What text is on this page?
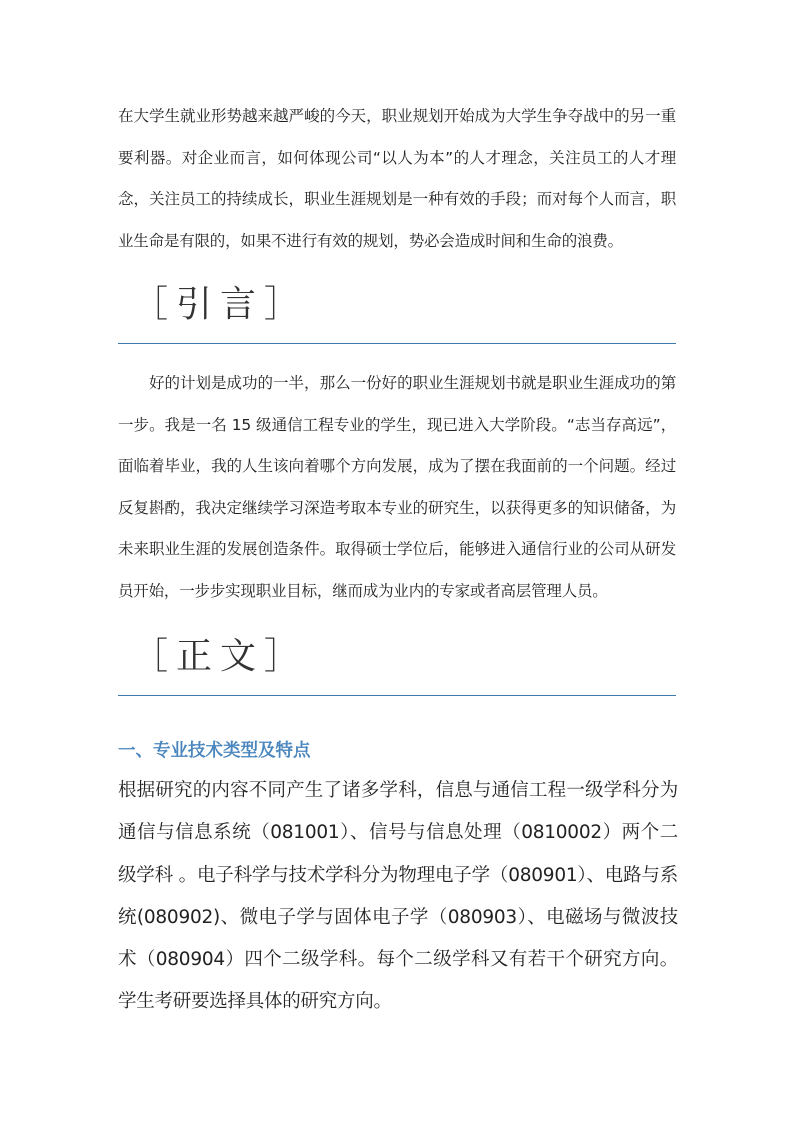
在大学生就业形势越来越严峻的今天，职业规划开始成为大学生争夺战中的另一重要利器。对企业而言，如何体现公司“以人为本”的人才理念，关注员工的人才理念，关注员工的持续成长，职业生涯规划是一种有效的手段；而对每个人而言，职业生命是有限的，如果不进行有效的规划，势必会造成时间和生命的浪费。

［引言］

好的计划是成功的一半，那么一份好的职业生涯规划书就是职业生涯成功的第一步。我是一名 15 级通信工程专业的学生，现已进入大学阶段。“志当存高远”，面临着毕业，我的人生该向着哪个方向发展，成为了摆在我面前的一个问题。经过反复斟酌，我决定继续学习深造考取本专业的研究生，以获得更多的知识储备，为未来职业生涯的发展创造条件。取得硕士学位后，能够进入通信行业的公司从研发员开始，一步步实现职业目标，继而成为业内的专家或者高层管理人员。

［正文］
一、专业技术类型及特点

根据研究的内容不同产生了诸多学科，信息与通信工程一级学科分为通信与信息系统（081001）、信号与信息处理（0810002）两个二级学科 。电子科学与技术学科分为物理电子学（080901）、电路与系统(080902)、微电子学与固体电子学（080903）、电磁场与微波技术（080904）四个二级学科。每个二级学科又有若干个研究方向。学生考研要选择具体的研究方向。
